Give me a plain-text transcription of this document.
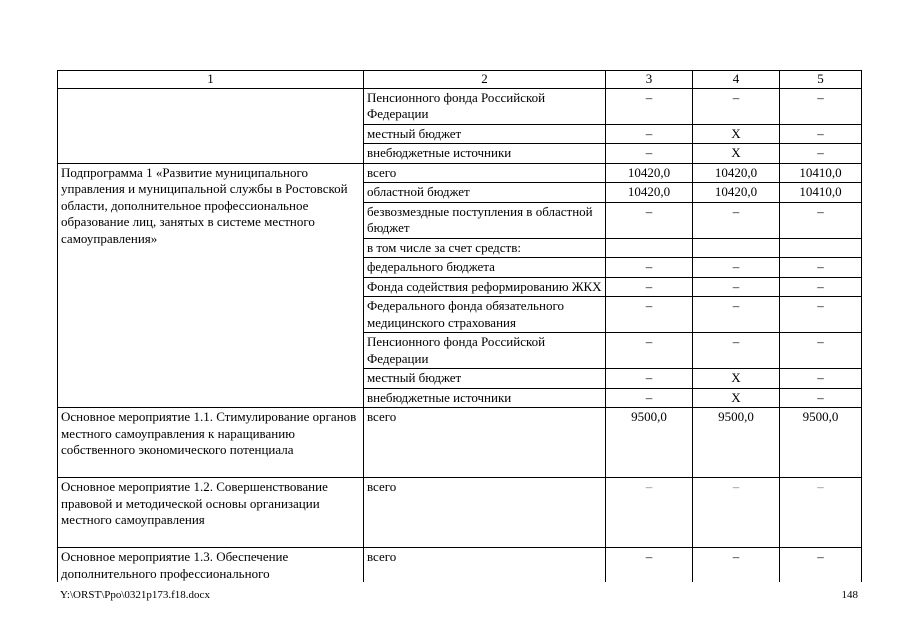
1	2	3	4	5
	Пенсионного фонда Российской Федерации	–	–	–
	местный бюджет	–	Х	–
	внебюджетные источники	–	Х	–
Подпрограмма 1 «Развитие муниципального управления и муниципальной службы в Ростовской области, дополнительное профессиональное образование лиц, занятых в системе местного самоуправления»	всего	10420,0	10420,0	10410,0
	областной бюджет	10420,0	10420,0	10410,0
	безвозмездные поступления в областной бюджет	–	–	–
	в том числе за счет средств:			
	федерального бюджета	–	–	–
	Фонда содействия реформированию ЖКХ	–	–	–
	Федерального фонда обязательного медицинского страхования	–	–	–
	Пенсионного фонда Российской Федерации	–	–	–
	местный бюджет	–	Х	–
	внебюджетные источники	–	Х	–
Основное мероприятие 1.1. Стимулирование органов местного самоуправления к наращиванию собственного экономического потенциала	всего	9500,0	9500,0	9500,0
Основное мероприятие 1.2. Совершенствование правовой и методической основы организации местного самоуправления	всего	–	–	–
Основное мероприятие 1.3. Обеспечение дополнительного профессионального	всего	–	–	–
Y:\ORST\Ppo\0321p173.f18.docx	148
